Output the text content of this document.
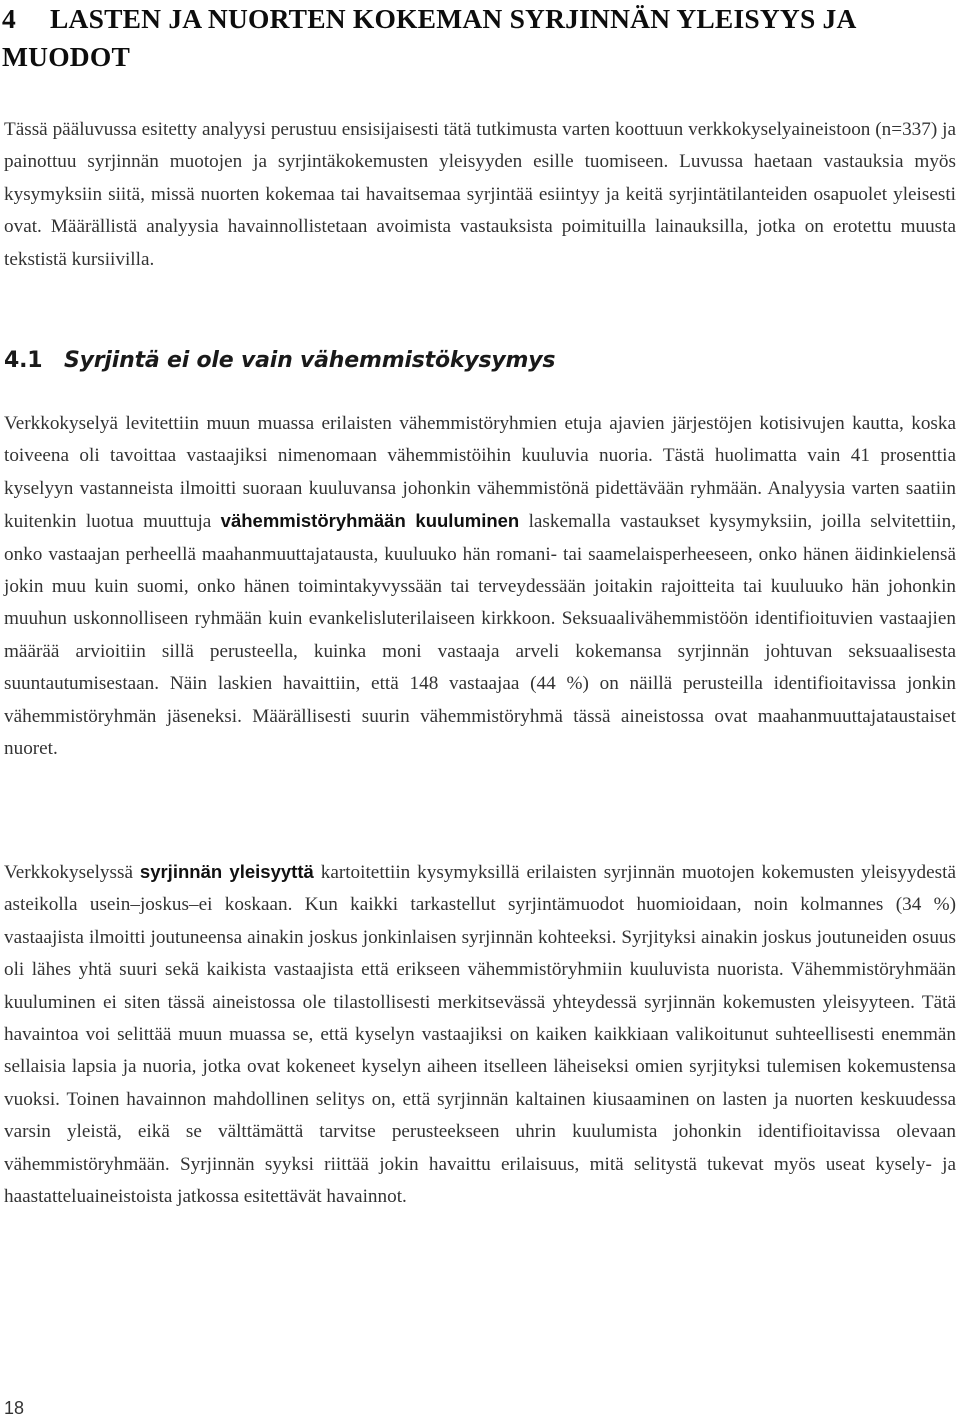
4 LASTEN JA NUORTEN KOKEMAN SYRJINNÄN YLEISYYS JA MUODOT

Tässä pääluvussa esitetty analyysi perustuu ensisijaisesti tätä tutkimusta varten koottuun verkkokyselyaineistoon (n=337) ja painottuu syrjinnän muotojen ja syrjintäkokemusten yleisyyden esille tuomiseen. Luvussa haetaan vastauksia myös kysymyksiin siitä, missä nuorten kokemaa tai havaitsemaa syrjintää esiintyy ja keitä syrjintätilanteiden osapuolet yleisesti ovat. Määrällistä analyysia havainnollistetaan avoimista vastauksista poimituilla lainauksilla, jotka on erotettu muusta tekstistä kursiivilla.

4.1 Syrjintä ei ole vain vähemmistökysymys

Verkkokyselyä levitettiin muun muassa erilaisten vähemmistöryhmien etuja ajavien järjestöjen kotisivujen kautta, koska toiveena oli tavoittaa vastaajiksi nimenomaan vähemmistöihin kuuluvia nuoria. Tästä huolimatta vain 41 prosenttia kyselyyn vastanneista ilmoitti suoraan kuuluvansa johonkin vähemmistönä pidettävään ryhmään. Analyysia varten saatiin kuitenkin luotua muuttuja vähemmistöryhmään kuuluminen laskemalla vastaukset kysymyksiin, joilla selvitettiin, onko vastaajan perheellä maahanmuuttajatausta, kuuluuko hän romani- tai saamelaisperheeseen, onko hänen äidinkielensä jokin muu kuin suomi, onko hänen toimintakyvyssään tai terveydessään joitakin rajoitteita tai kuuluuko hän johonkin muuhun uskonnolliseen ryhmään kuin evankelisluterilaiseen kirkkoon. Seksuaalivähemmistöön identifioituvien vastaajien määrää arvioitiin sillä perusteella, kuinka moni vastaaja arveli kokemansa syrjinnän johtuvan seksuaalisesta suuntautumisestaan. Näin laskien havaittiin, että 148 vastaajaa (44 %) on näillä perusteilla identifioitavissa jonkin vähemmistöryhmän jäseneksi. Määrällisesti suurin vähemmistöryhmä tässä aineistossa ovat maahanmuuttajataustaiset nuoret.

Verkkokyselyssä syrjinnän yleisyyttä kartoitettiin kysymyksillä erilaisten syrjinnän muotojen kokemusten yleisyydestä asteikolla usein–joskus–ei koskaan. Kun kaikki tarkastellut syrjintämuodot huomioidaan, noin kolmannes (34 %) vastaajista ilmoitti joutuneensa ainakin joskus jonkinlaisen syrjinnän kohteeksi. Syrjityksi ainakin joskus joutuneiden osuus oli lähes yhtä suuri sekä kaikista vastaajista että erikseen vähemmistöryhmiin kuuluvista nuorista. Vähemmistöryhmään kuuluminen ei siten tässä aineistossa ole tilastollisesti merkitsevässä yhteydessä syrjinnän kokemusten yleisyyteen. Tätä havaintoa voi selittää muun muassa se, että kyselyn vastaajiksi on kaiken kaikkiaan valikoitunut suhteellisesti enemmän sellaisia lapsia ja nuoria, jotka ovat kokeneet kyselyn aiheen itselleen läheiseksi omien syrjityksi tulemisen kokemustensa vuoksi. Toinen havainnon mahdollinen selitys on, että syrjinnän kaltainen kiusaaminen on lasten ja nuorten keskuudessa varsin yleistä, eikä se välttämättä tarvitse perusteekseen uhrin kuulumista johonkin identifioitavissa olevaan vähemmistöryhmään. Syrjinnän syyksi riittää jokin havaittu erilaisuus, mitä selitystä tukevat myös useat kysely- ja haastatteluaineistoista jatkossa esitettävät havainnot.

18
